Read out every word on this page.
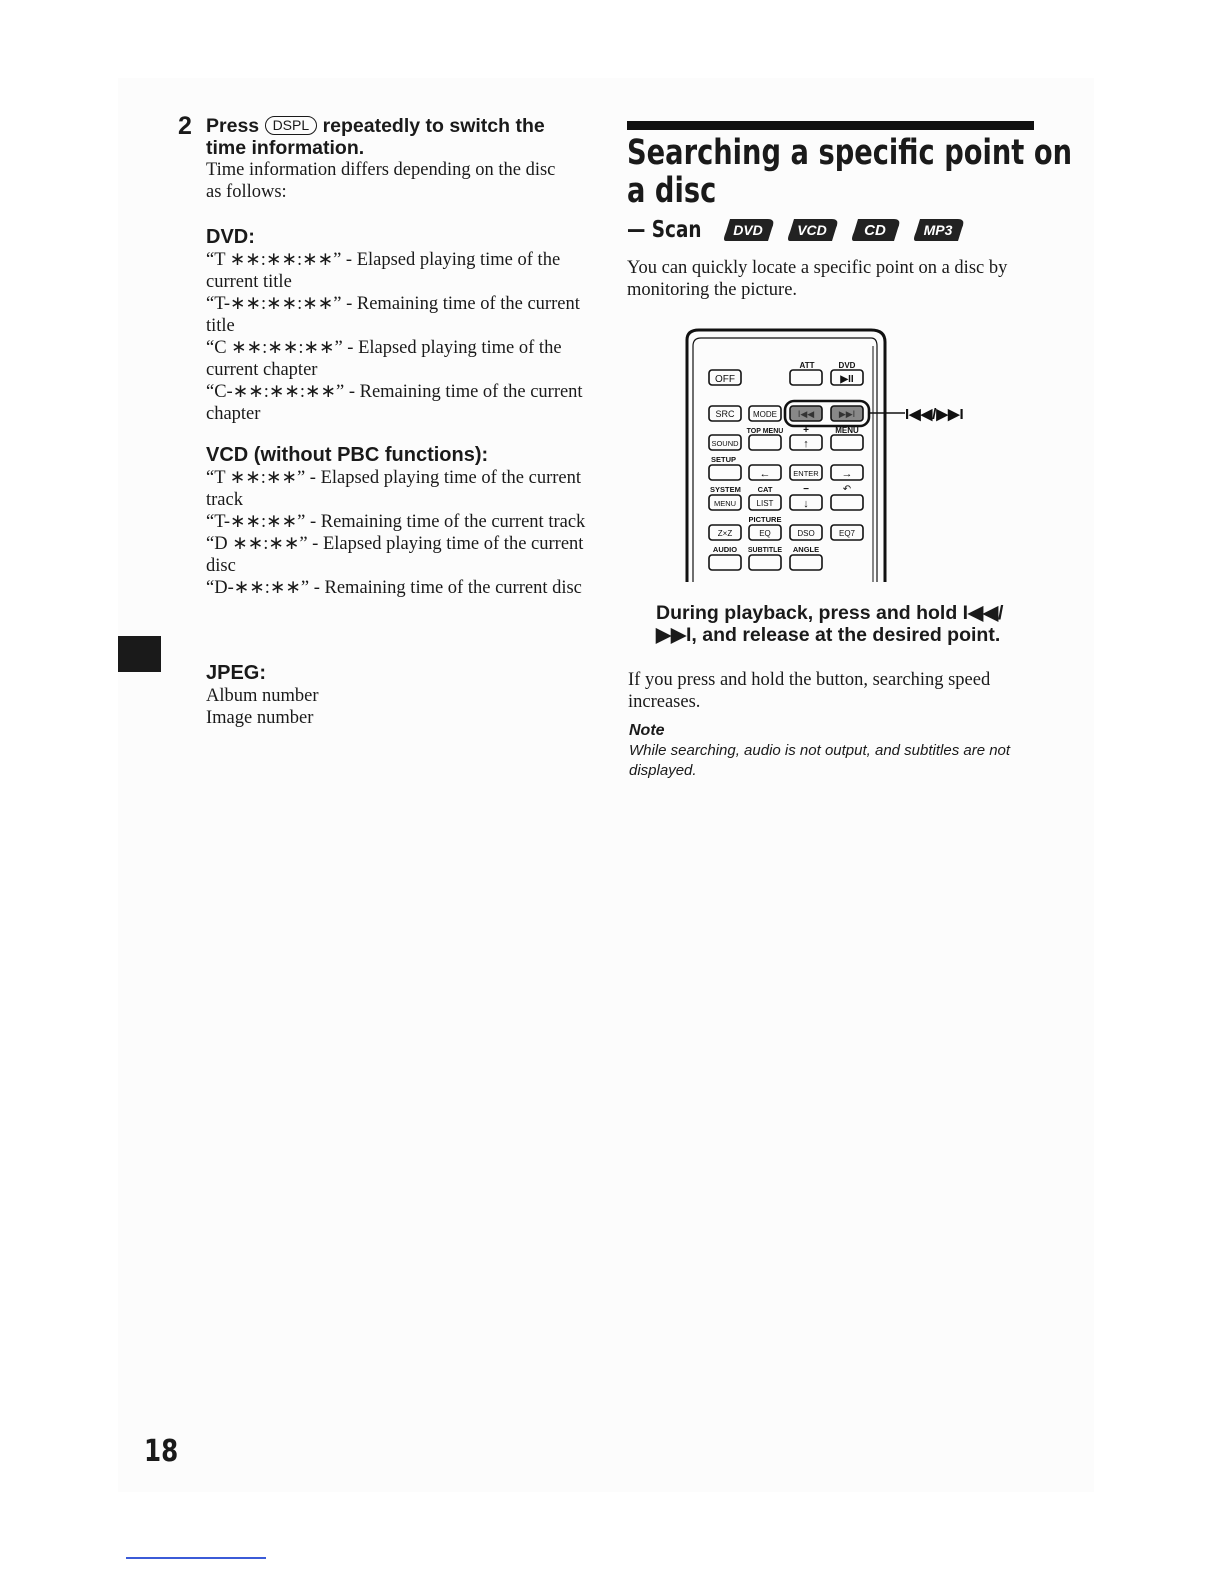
2 Press DSPL repeatedly to switch the time information.

Time information differs depending on the disc as follows:

DVD:

“T ∗∗:∗∗:∗∗” - Elapsed playing time of the current title

“T-∗∗:∗∗:∗∗” - Remaining time of the current title

“C ∗∗:∗∗:∗∗” - Elapsed playing time of the current chapter

“C-∗∗:∗∗:∗∗” - Remaining time of the current chapter

VCD (without PBC functions):

“T ∗∗:∗∗” - Elapsed playing time of the current track

“T-∗∗:∗∗” - Remaining time of the current track

“D ∗∗:∗∗” - Elapsed playing time of the current disc

“D-∗∗:∗∗” - Remaining time of the current disc

JPEG:

Album number

Image number

18
Searching a specific point on
a disc
— Scan DVD VCD CD	MP3

You can quickly locate a specific point on a disc by monitoring the picture.

ATT	DVD
OFF	▶II
SRC MODE I◀◀	▶▶I	I◀◀/▶▶I
TOP MENU +	MENU
SOUND	↑
SETUP
←	ENTER →
SYSTEM CAT	−	↶
MENU	LIST	↓
PICTURE
Z×Z	EQ	DSO	EQ7
AUDIO SUBTITLE ANGLE
During playback, press and hold I◀◀/ ▶▶I, and release at the desired point.

If you press and hold the button, searching speed increases.

Note
While searching, audio is not output, and subtitles are not displayed.
